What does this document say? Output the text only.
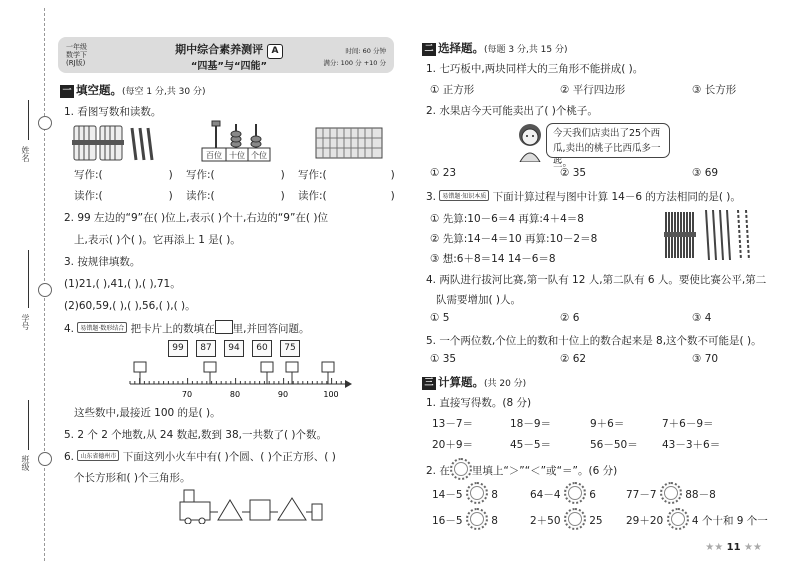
姓名
学号
班级
一年级
数学下
(RJ版)
期中综合素养测评 A
“四基”与“四能”
时间: 60 分钟
满分: 100 分 +10 分
一 填空题。(每空 1 分,共 30 分)
1. 看图写数和读数。
百位 十位 个位
写作:(	) 写作:(	) 写作:(	)
读作:(	) 读作:(	) 读作:(	)
2. 99 左边的“9”在( )位上,表示( )个十,右边的“9”在( )位
上,表示( )个( )。它再添上 1 是( )。
3. 按规律填数。
(1)21,( ),41,( ),( ),71。
(2)60,59,( ),( ),56,( ),( )。
4. 易错题·数形结合 把卡片上的数填在 里,并回答问题。
99	87	94	60	75
70	80	90	100
这些数中,最接近 100 的是( )。
5. 2 个 2 个地数,从 24 数起,数到 38,一共数了( )个数。
6. 山东省德州市 下面这列小火车中有( )个圆、( )个正方形、( )
个长方形和( )个三角形。
二 选择题。(每题 3 分,共 15 分)
1. 七巧板中,两块同样大的三角形不能拼成( )。
① 正方形	② 平行四边形	③ 长方形
2. 水果店今天可能卖出了( )个桃子。
今天我们店卖出了25个西瓜,卖出的桃子比西瓜多一些。
① 23	② 35	③ 69
3. 易错题·知识本质 下面计算过程与图中计算 14－6 的方法相同的是( )。
① 先算:10－6＝4 再算:4＋4＝8
② 先算:14－4＝10 再算:10－2＝8
③ 想:6＋8＝14 14－6＝8
4. 两队进行拔河比赛,第一队有 12 人,第二队有 6 人。要使比赛公平,第二
队需要增加( )人。
① 5	② 6	③ 4
5. 一个两位数,个位上的数和十位上的数合起来是 8,这个数不可能是( )。
① 35	② 62	③ 70
三 计算题。(共 20 分)
1. 直接写得数。(8 分)
13－7＝	18－9＝	9＋6＝	7＋6－9＝
20＋9＝	45－5＝	56－50＝ 43－3＋6＝
2. 在 里填上“＞”“＜”或“＝”。(6 分)
14－5	8	64－4	6	77－7	88－8
16－5	8	2＋50	25 29＋20	4 个十和 9 个一
★★ 11 ★★
